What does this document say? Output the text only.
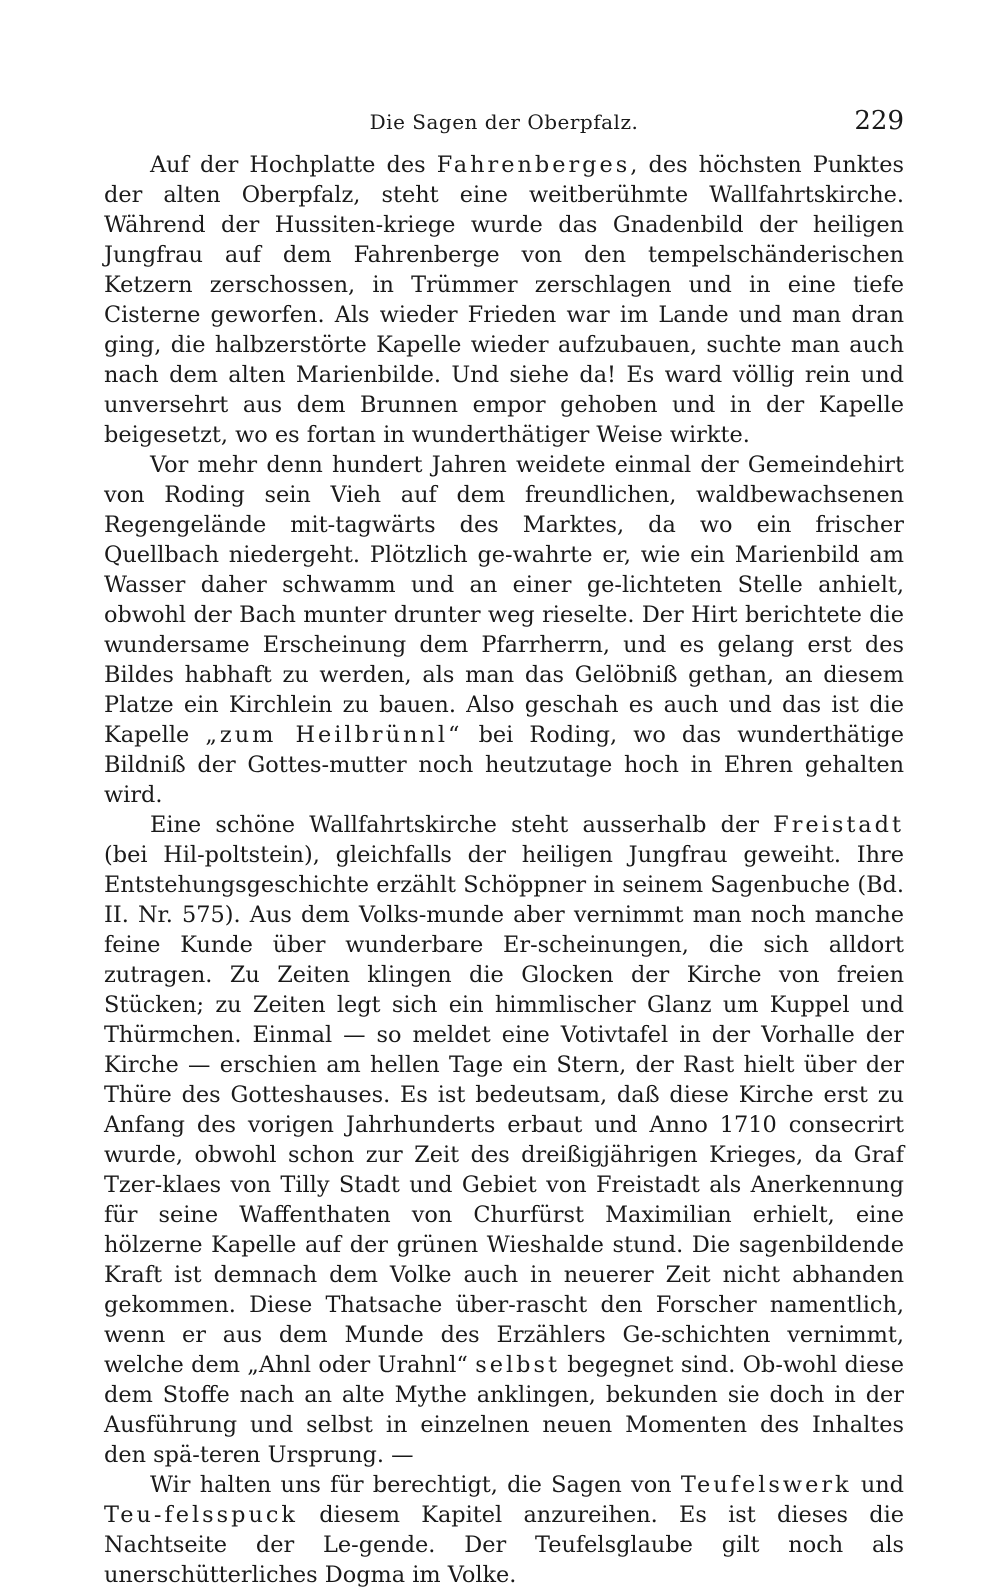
Die Sagen der Oberpfalz.	229

Auf der Hochplatte des Fahrenberges, des höchsten Punktes der alten Oberpfalz, steht eine weitberühmte Wallfahrtskirche. Während der Hussiten-kriege wurde das Gnadenbild der heiligen Jungfrau auf dem Fahrenberge von den tempelschänderischen Ketzern zerschossen, in Trümmer zerschlagen und in eine tiefe Cisterne geworfen. Als wieder Frieden war im Lande und man dran ging, die halbzerstörte Kapelle wieder aufzubauen, suchte man auch nach dem alten Marienbilde. Und siehe da! Es ward völlig rein und unversehrt aus dem Brunnen empor gehoben und in der Kapelle beigesetzt, wo es fortan in wunderthätiger Weise wirkte.

Vor mehr denn hundert Jahren weidete einmal der Gemeindehirt von Roding sein Vieh auf dem freundlichen, waldbewachsenen Regengelände mit-tagwärts des Marktes, da wo ein frischer Quellbach niedergeht. Plötzlich ge-wahrte er, wie ein Marienbild am Wasser daher schwamm und an einer ge-lichteten Stelle anhielt, obwohl der Bach munter drunter weg rieselte. Der Hirt berichtete die wundersame Erscheinung dem Pfarrherrn, und es gelang erst des Bildes habhaft zu werden, als man das Gelöbniß gethan, an diesem Platze ein Kirchlein zu bauen. Also geschah es auch und das ist die Kapelle „zum Heilbrünnl“ bei Roding, wo das wunderthätige Bildniß der Gottes-mutter noch heutzutage hoch in Ehren gehalten wird.

Eine schöne Wallfahrtskirche steht ausserhalb der Freistadt (bei Hil-poltstein), gleichfalls der heiligen Jungfrau geweiht. Ihre Entstehungsgeschichte erzählt Schöppner in seinem Sagenbuche (Bd. II. Nr. 575). Aus dem Volks-munde aber vernimmt man noch manche feine Kunde über wunderbare Er-scheinungen, die sich alldort zutragen. Zu Zeiten klingen die Glocken der Kirche von freien Stücken; zu Zeiten legt sich ein himmlischer Glanz um Kuppel und Thürmchen. Einmal — so meldet eine Votivtafel in der Vorhalle der Kirche — erschien am hellen Tage ein Stern, der Rast hielt über der Thüre des Gotteshauses. Es ist bedeutsam, daß diese Kirche erst zu Anfang des vorigen Jahrhunderts erbaut und Anno 1710 consecrirt wurde, obwohl schon zur Zeit des dreißigjährigen Krieges, da Graf Tzer-klaes von Tilly Stadt und Gebiet von Freistadt als Anerkennung für seine Waffenthaten von Churfürst Maximilian erhielt, eine hölzerne Kapelle auf der grünen Wieshalde stund. Die sagenbildende Kraft ist demnach dem Volke auch in neuerer Zeit nicht abhanden gekommen. Diese Thatsache über-rascht den Forscher namentlich, wenn er aus dem Munde des Erzählers Ge-schichten vernimmt, welche dem „Ahnl oder Urahnl“ selbst begegnet sind. Ob-wohl diese dem Stoffe nach an alte Mythe anklingen, bekunden sie doch in der Ausführung und selbst in einzelnen neuen Momenten des Inhaltes den spä-teren Ursprung. —

Wir halten uns für berechtigt, die Sagen von Teufelswerk und Teu-felsspuck diesem Kapitel anzureihen. Es ist dieses die Nachtseite der Le-gende. Der Teufelsglaube gilt noch als unerschütterliches Dogma im Volke.
